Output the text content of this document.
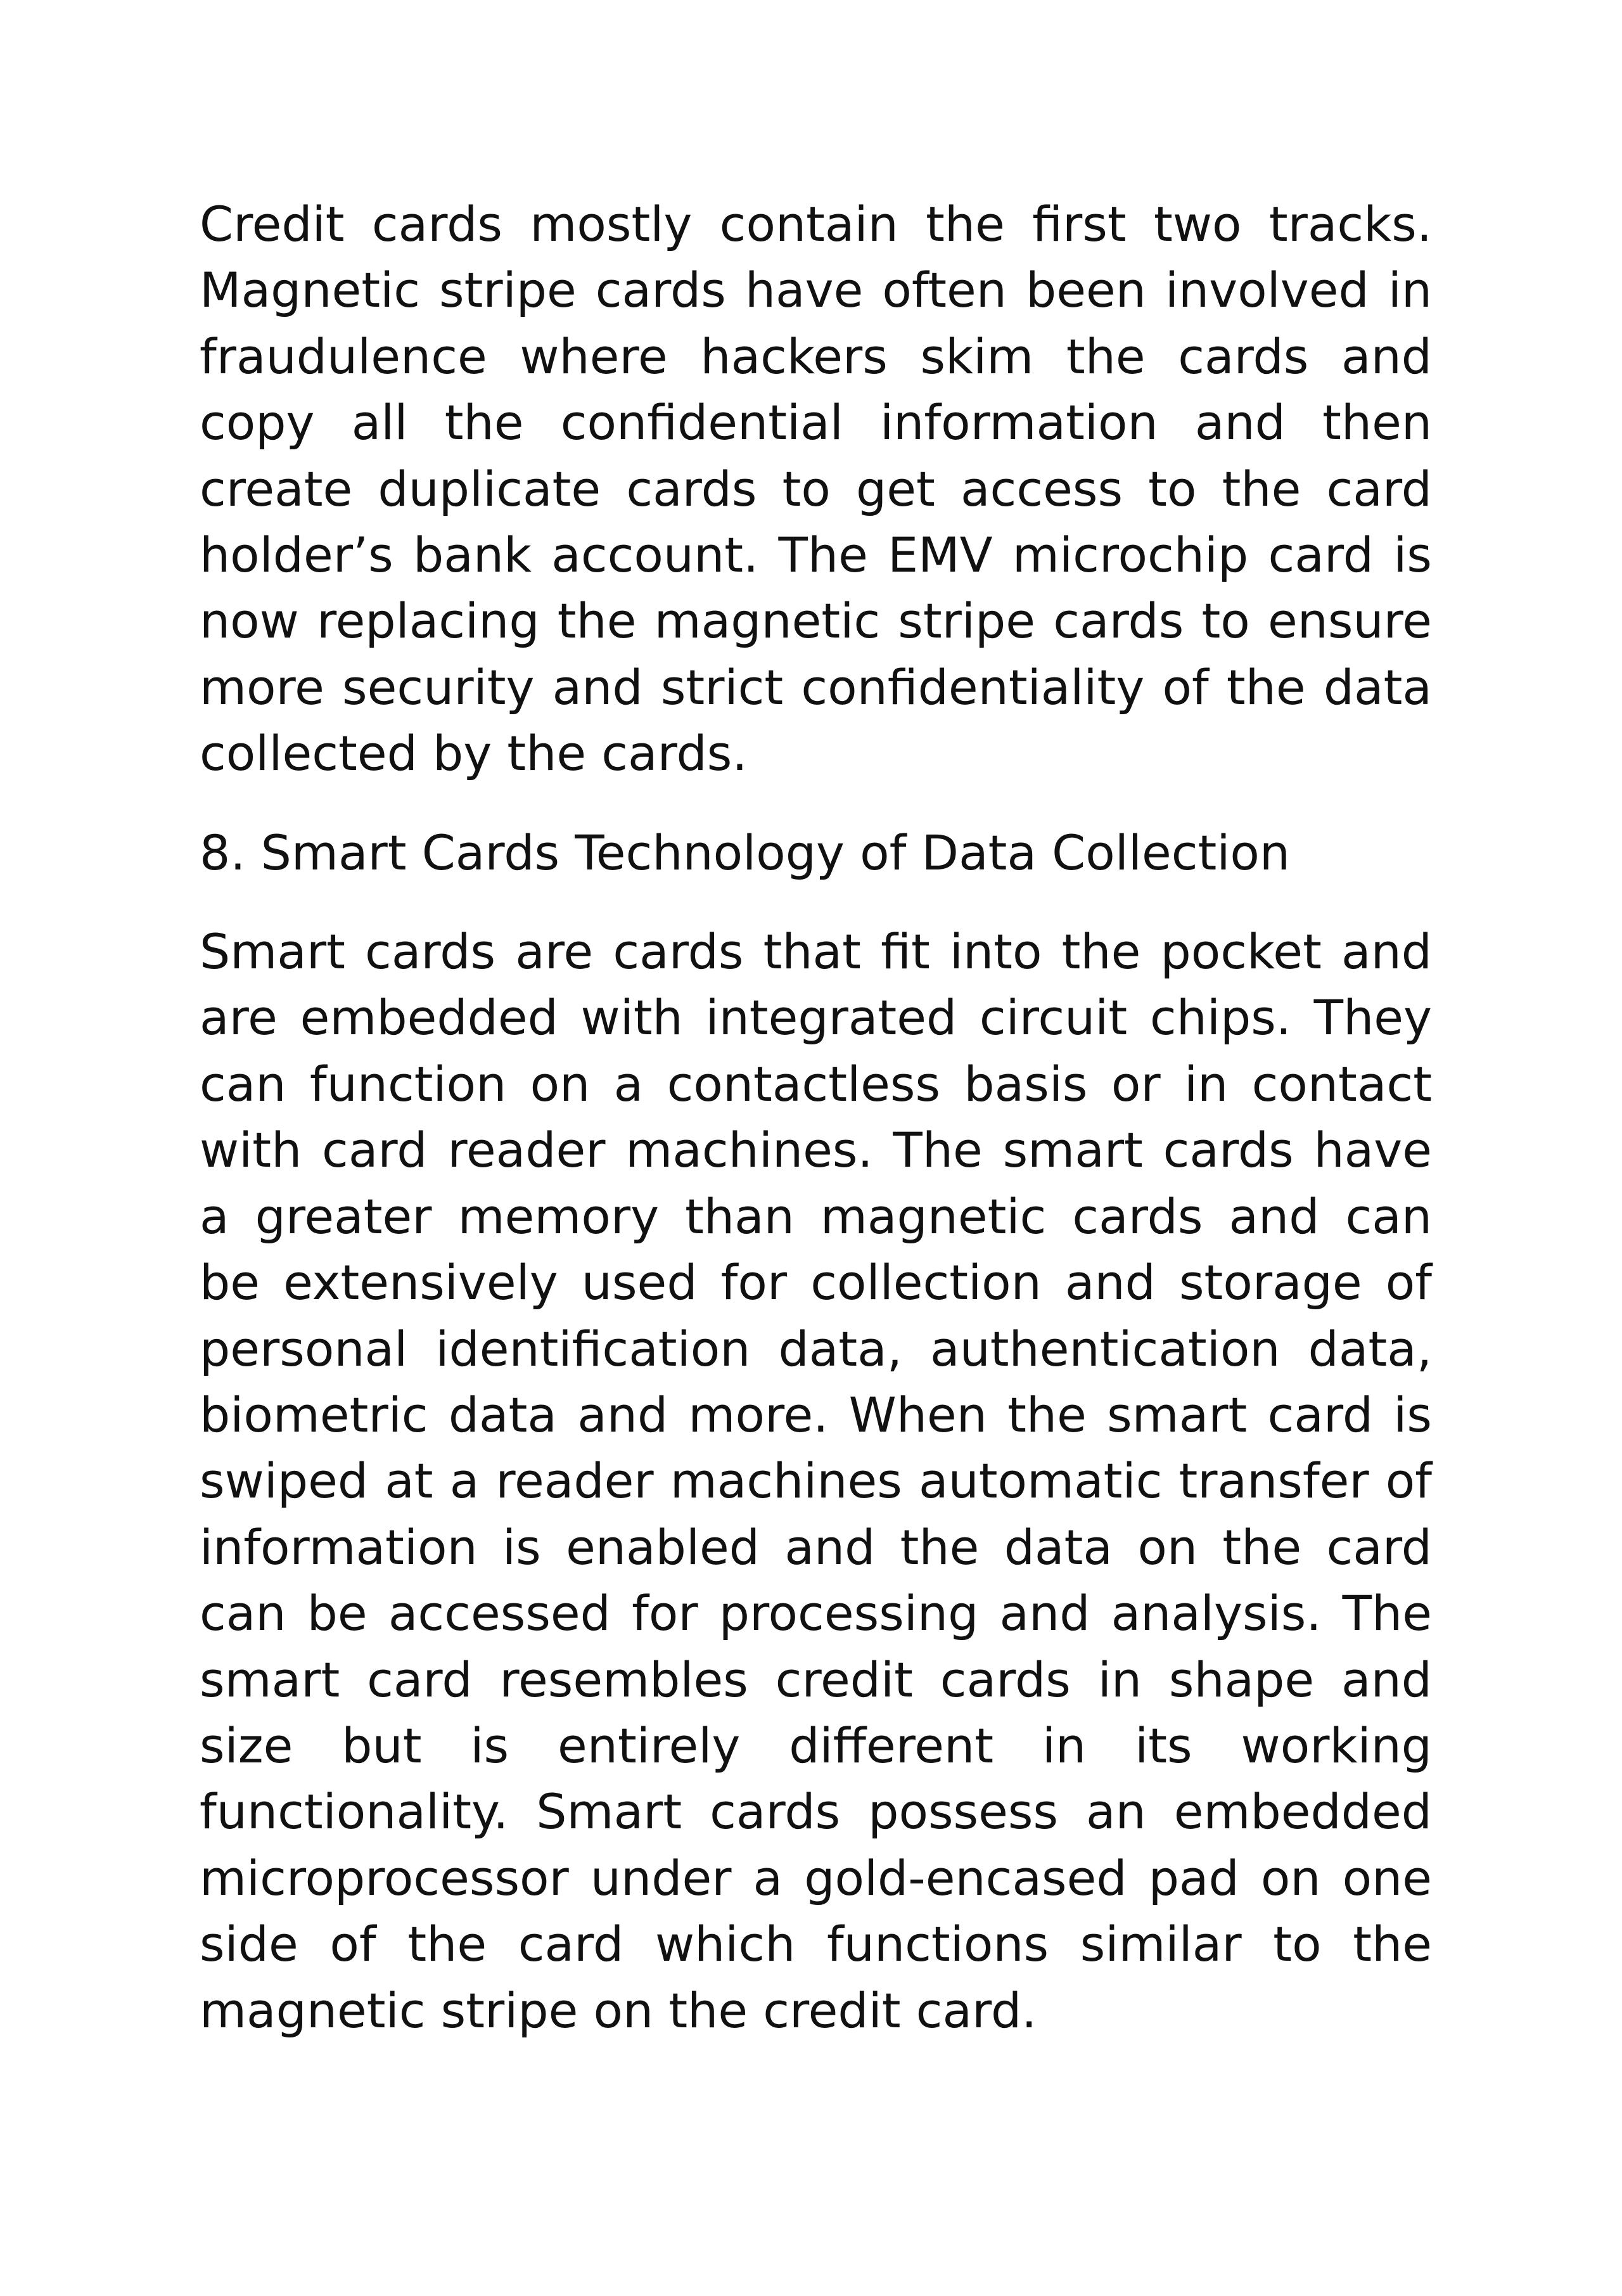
Credit cards mostly contain the first two tracks. Magnetic stripe cards have often been involved in fraudulence where hackers skim the cards and copy all the confidential information and then create duplicate cards to get access to the card holder’s bank account. The EMV microchip card is now replacing the magnetic stripe cards to ensure more security and strict confidentiality of the data collected by the cards.

8. Smart Cards Technology of Data Collection

Smart cards are cards that fit into the pocket and are embedded with integrated circuit chips. They can function on a contactless basis or in contact with card reader machines. The smart cards have a greater memory than magnetic cards and can be extensively used for collection and storage of personal identification data, authentication data, biometric data and more. When the smart card is swiped at a reader machines automatic transfer of information is enabled and the data on the card can be accessed for processing and analysis. The smart card resembles credit cards in shape and size but is entirely different in its working functionality. Smart cards possess an embedded microprocessor under a gold-encased pad on one side of the card which functions similar to the magnetic stripe on the credit card.
